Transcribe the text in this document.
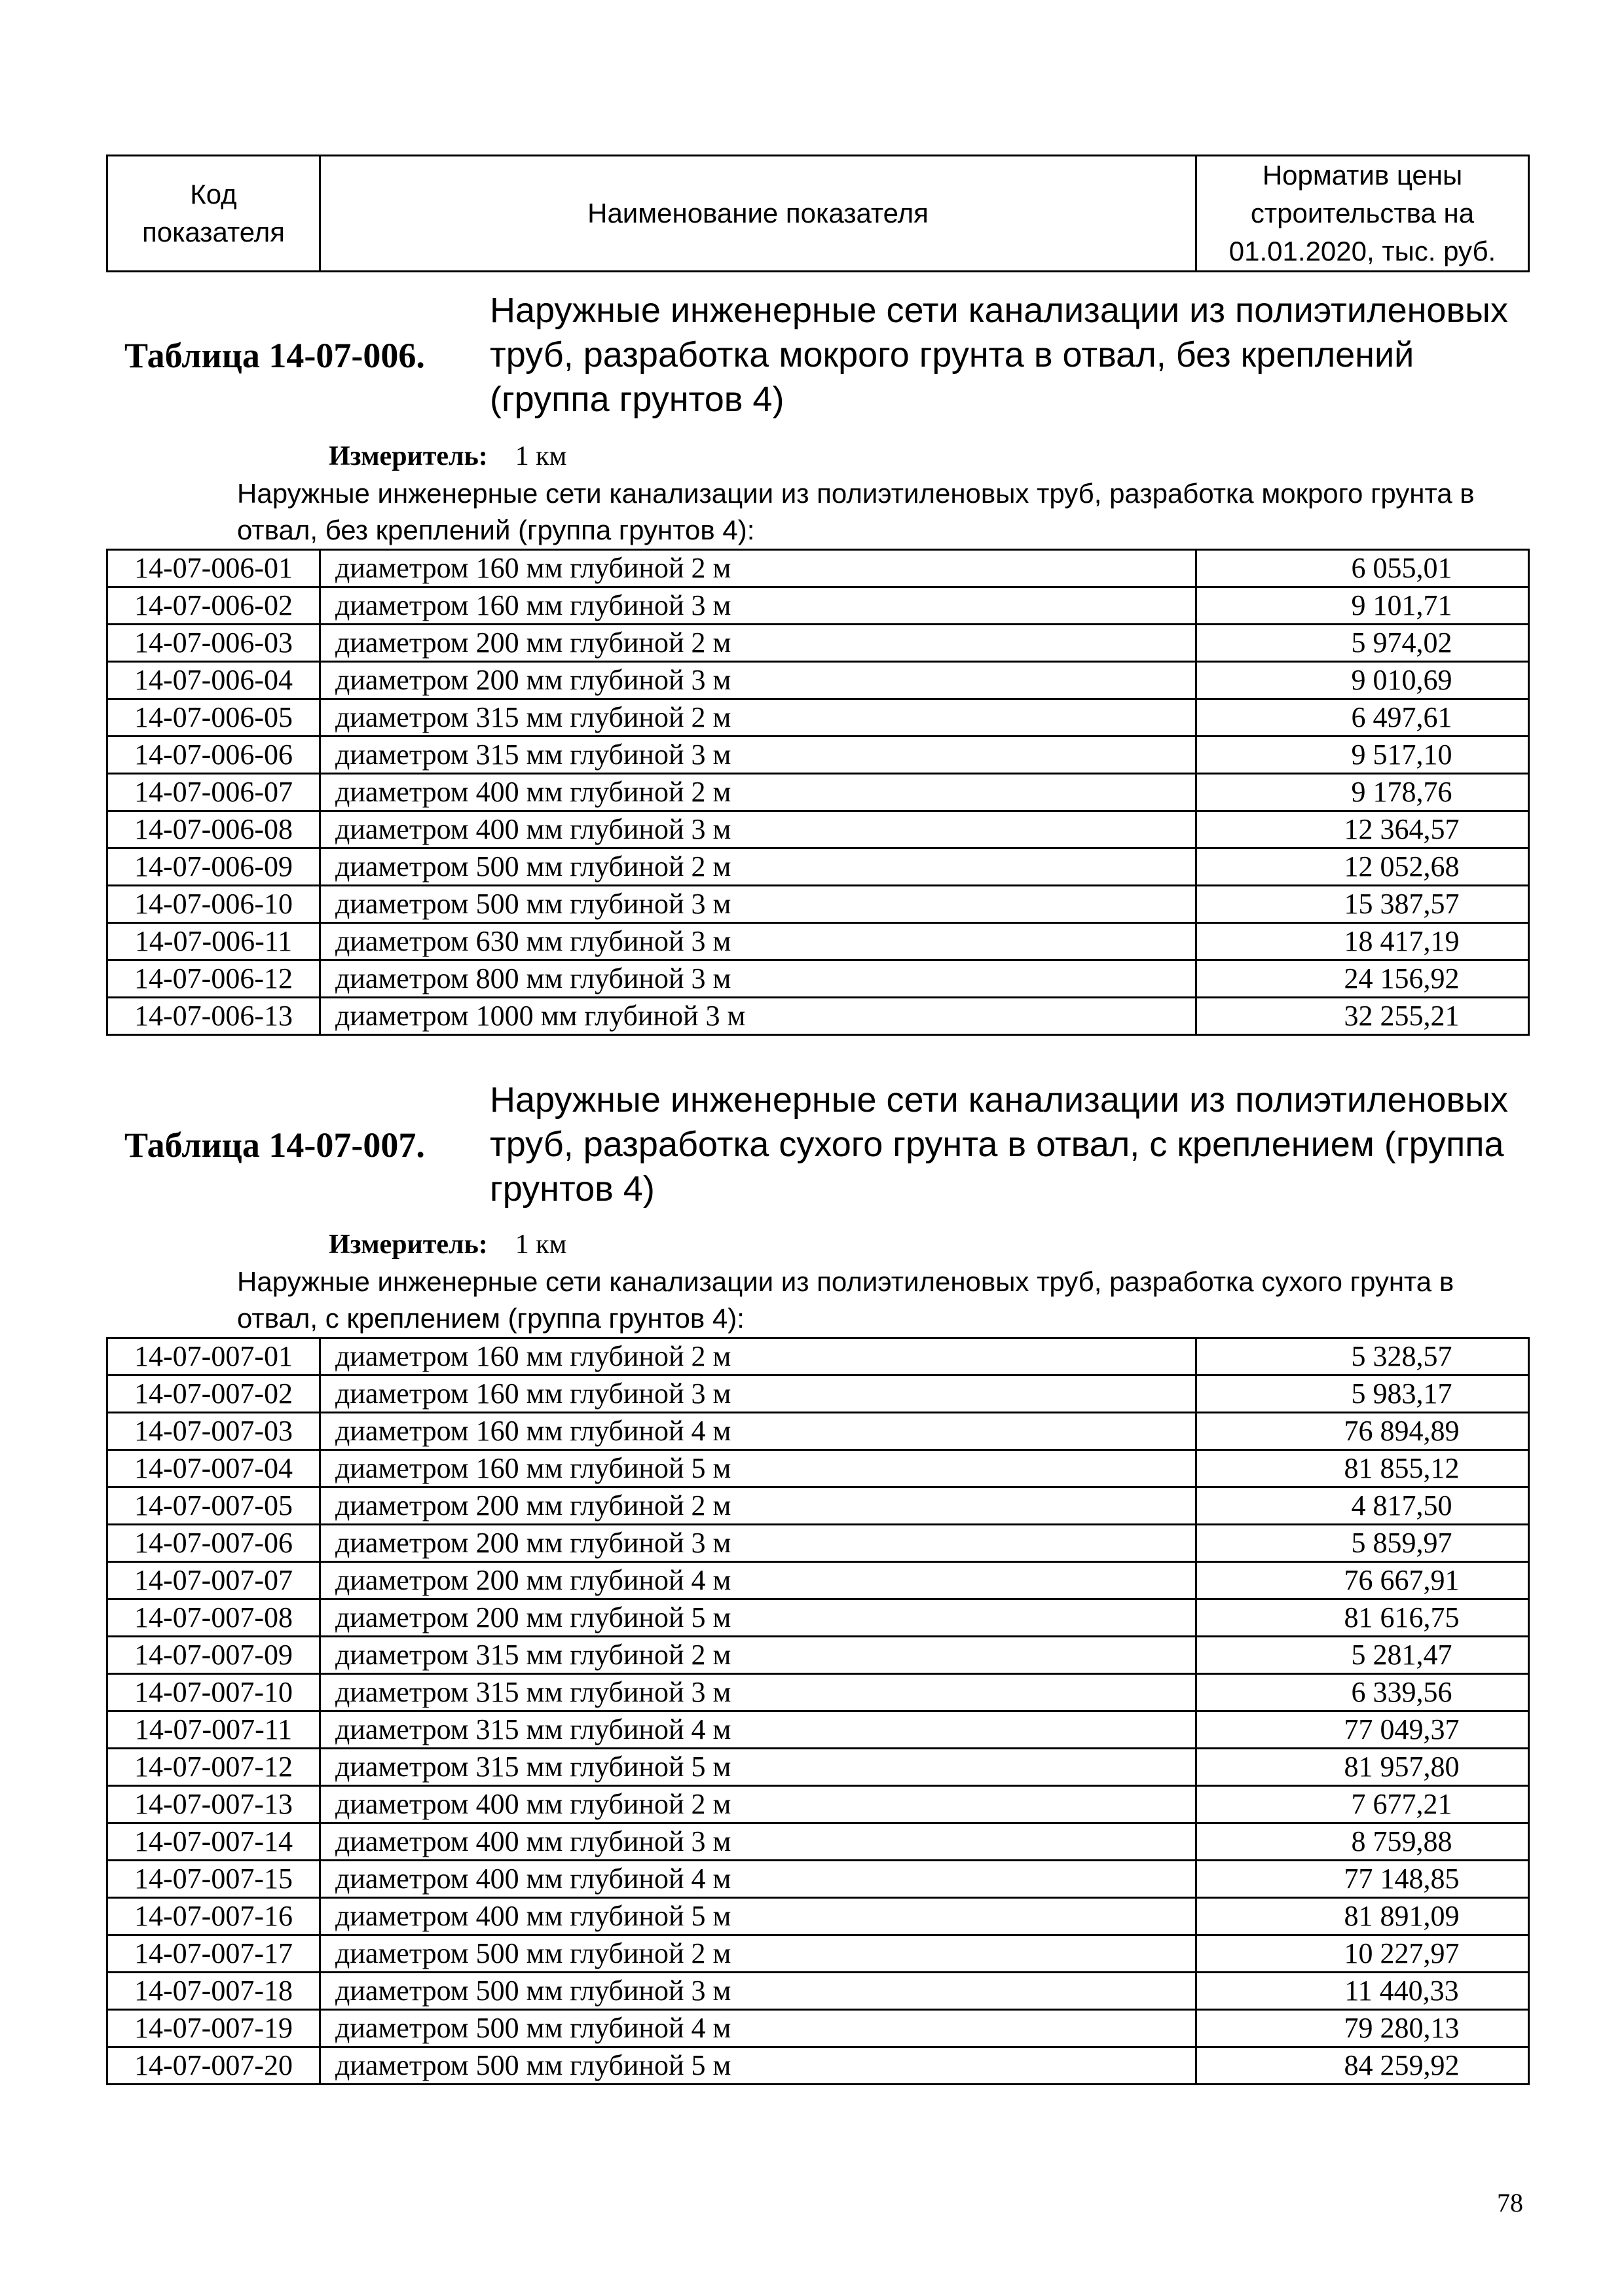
Код показателя	Наименование показателя	Норматив цены строительства на 01.01.2020, тыс. руб.
Таблица 14-07-006.
Наружные инженерные сети канализации из полиэтиленовых труб, разработка мокрого грунта в отвал, без креплений (группа грунтов 4)
Измеритель: 1 км
Наружные инженерные сети канализации из полиэтиленовых труб, разработка мокрого грунта в отвал, без креплений (группа грунтов 4):
14-07-006-01	диаметром 160 мм глубиной 2 м	6 055,01
14-07-006-02	диаметром 160 мм глубиной 3 м	9 101,71
14-07-006-03	диаметром 200 мм глубиной 2 м	5 974,02
14-07-006-04	диаметром 200 мм глубиной 3 м	9 010,69
14-07-006-05	диаметром 315 мм глубиной 2 м	6 497,61
14-07-006-06	диаметром 315 мм глубиной 3 м	9 517,10
14-07-006-07	диаметром 400 мм глубиной 2 м	9 178,76
14-07-006-08	диаметром 400 мм глубиной 3 м	12 364,57
14-07-006-09	диаметром 500 мм глубиной 2 м	12 052,68
14-07-006-10	диаметром 500 мм глубиной 3 м	15 387,57
14-07-006-11	диаметром 630 мм глубиной 3 м	18 417,19
14-07-006-12	диаметром 800 мм глубиной 3 м	24 156,92
14-07-006-13	диаметром 1000 мм глубиной 3 м	32 255,21
Таблица 14-07-007.
Наружные инженерные сети канализации из полиэтиленовых труб, разработка сухого грунта в отвал, с креплением (группа грунтов 4)
Измеритель: 1 км
Наружные инженерные сети канализации из полиэтиленовых труб, разработка сухого грунта в отвал, с креплением (группа грунтов 4):
14-07-007-01	диаметром 160 мм глубиной 2 м	5 328,57
14-07-007-02	диаметром 160 мм глубиной 3 м	5 983,17
14-07-007-03	диаметром 160 мм глубиной 4 м	76 894,89
14-07-007-04	диаметром 160 мм глубиной 5 м	81 855,12
14-07-007-05	диаметром 200 мм глубиной 2 м	4 817,50
14-07-007-06	диаметром 200 мм глубиной 3 м	5 859,97
14-07-007-07	диаметром 200 мм глубиной 4 м	76 667,91
14-07-007-08	диаметром 200 мм глубиной 5 м	81 616,75
14-07-007-09	диаметром 315 мм глубиной 2 м	5 281,47
14-07-007-10	диаметром 315 мм глубиной 3 м	6 339,56
14-07-007-11	диаметром 315 мм глубиной 4 м	77 049,37
14-07-007-12	диаметром 315 мм глубиной 5 м	81 957,80
14-07-007-13	диаметром 400 мм глубиной 2 м	7 677,21
14-07-007-14	диаметром 400 мм глубиной 3 м	8 759,88
14-07-007-15	диаметром 400 мм глубиной 4 м	77 148,85
14-07-007-16	диаметром 400 мм глубиной 5 м	81 891,09
14-07-007-17	диаметром 500 мм глубиной 2 м	10 227,97
14-07-007-18	диаметром 500 мм глубиной 3 м	11 440,33
14-07-007-19	диаметром 500 мм глубиной 4 м	79 280,13
14-07-007-20	диаметром 500 мм глубиной 5 м	84 259,92
78
